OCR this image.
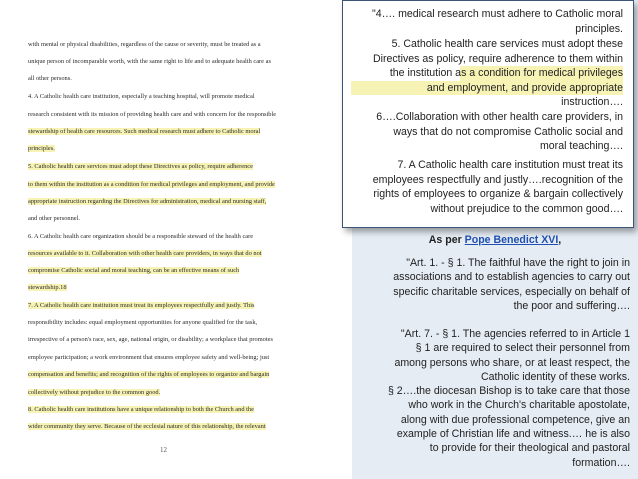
with mental or physical disabilities, regardless of the cause or severity, must be treated as a
unique person of incomparable worth, with the same right to life and to adequate health care as
all other persons.
4. A Catholic health care institution, especially a teaching hospital, will promote medical
research consistent with its mission of providing health care and with concern for the responsible
stewardship of health care resources. Such medical research must adhere to Catholic moral
principles.
5. Catholic health care services must adopt these Directives as policy, require adherence
to them within the institution as a condition for medical privileges and employment, and provide
appropriate instruction regarding the Directives for administration, medical and nursing staff,
and other personnel.
6. A Catholic health care organization should be a responsible steward of the health care
resources available to it. Collaboration with other health care providers, in ways that do not
compromise Catholic social and moral teaching, can be an effective means of such
stewardship.18
7. A Catholic health care institution must treat its employees respectfully and justly. This
responsibility includes: equal employment opportunities for anyone qualified for the task,
irrespective of a person's race, sex, age, national origin, or disability; a workplace that promotes
employee participation; a work environment that ensures employee safety and well-being; just
compensation and benefits; and recognition of the rights of employees to organize and bargain
collectively without prejudice to the common good.
8. Catholic health care institutions have a unique relationship to both the Church and the
wider community they serve. Because of the ecclesial nature of this relationship, the relevant
12
"4…. medical research must adhere to Catholic moral
principles.
5. Catholic health care services must adopt these
Directives as policy, require adherence to them within
the institution as a condition for medical privileges
and employment, and provide appropriate
instruction….
6….Collaboration with other health care providers, in
ways that do not compromise Catholic social and
moral teaching….
7. A Catholic health care institution must treat its
employees respectfully and justly….recognition of the
rights of employees to organize & bargain collectively
without prejudice to the common good….
As per Pope Benedict XVI,
"Art. 1. - § 1. The faithful have the right to join in
associations and to establish agencies to carry out
specific charitable services, especially on behalf of
the poor and suffering….
"Art. 7. - § 1. The agencies referred to in Article 1
§ 1 are required to select their personnel from
among persons who share, or at least respect, the
Catholic identity of these works.
§ 2….the diocesan Bishop is to take care that those
who work in the Church's charitable apostolate,
along with due professional competence, give an
example of Christian life and witness.… he is also
to provide for their theological and pastoral
formation….
